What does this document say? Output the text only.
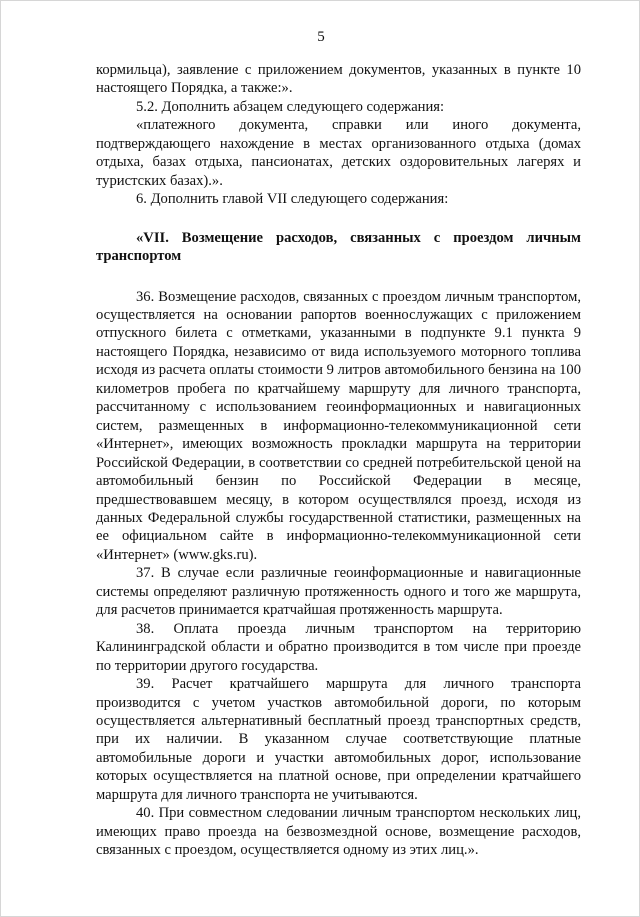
5

кормильца), заявление с приложением документов, указанных в пункте 10 настоящего Порядка, а также:».

5.2. Дополнить абзацем следующего содержания:

«платежного документа, справки или иного документа, подтверждающего нахождение в местах организованного отдыха (домах отдыха, базах отдыха, пансионатах, детских оздоровительных лагерях и туристских базах).».

6. Дополнить главой VII следующего содержания:

«VII. Возмещение расходов, связанных с проездом личным транспортом

36. Возмещение расходов, связанных с проездом личным транспортом, осуществляется на основании рапортов военнослужащих с приложением отпускного билета с отметками, указанными в подпункте 9.1 пункта 9 настоящего Порядка, независимо от вида используемого моторного топлива исходя из расчета оплаты стоимости 9 литров автомобильного бензина на 100 километров пробега по кратчайшему маршруту для личного транспорта, рассчитанному с использованием геоинформационных и навигационных систем, размещенных в информационно-телекоммуникационной сети «Интернет», имеющих возможность прокладки маршрута на территории Российской Федерации, в соответствии со средней потребительской ценой на автомобильный бензин по Российской Федерации в месяце, предшествовавшем месяцу, в котором осуществлялся проезд, исходя из данных Федеральной службы государственной статистики, размещенных на ее официальном сайте в информационно-телекоммуникационной сети «Интернет» (www.gks.ru).

37. В случае если различные геоинформационные и навигационные системы определяют различную протяженность одного и того же маршрута, для расчетов принимается кратчайшая протяженность маршрута.

38. Оплата проезда личным транспортом на территорию Калининградской области и обратно производится в том числе при проезде по территории другого государства.

39. Расчет кратчайшего маршрута для личного транспорта производится с учетом участков автомобильной дороги, по которым осуществляется альтернативный бесплатный проезд транспортных средств, при их наличии. В указанном случае соответствующие платные автомобильные дороги и участки автомобильных дорог, использование которых осуществляется на платной основе, при определении кратчайшего маршрута для личного транспорта не учитываются.

40. При совместном следовании личным транспортом нескольких лиц, имеющих право проезда на безвозмездной основе, возмещение расходов, связанных с проездом, осуществляется одному из этих лиц.».
